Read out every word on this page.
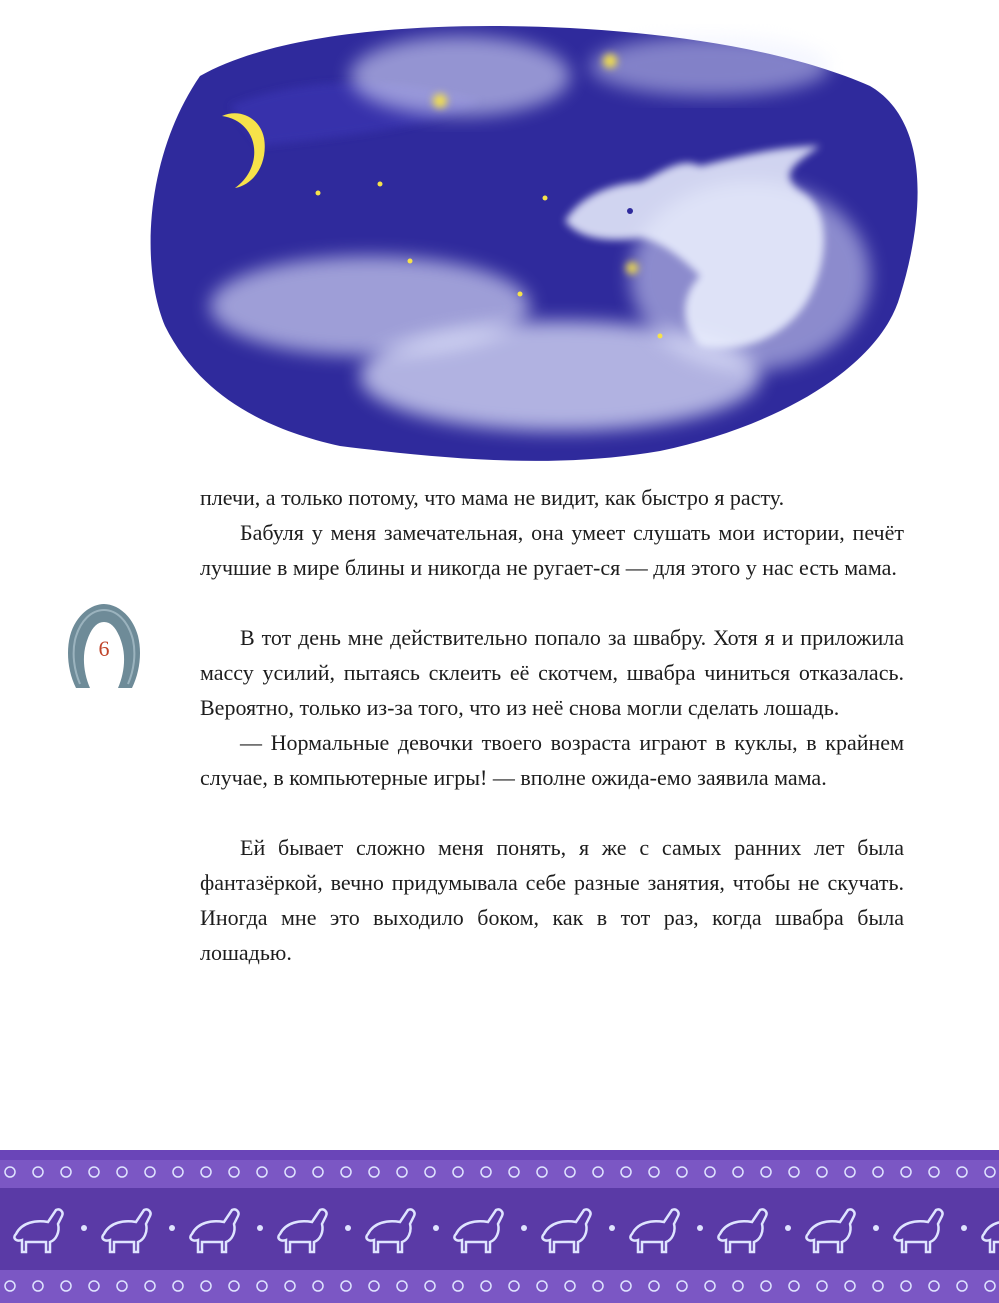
6

плечи, а только потому, что мама не видит, как быстро я расту.

Бабуля у меня замечательная, она умеет слушать мои истории, печёт лучшие в мире блины и никогда не ругает-ся — для этого у нас есть мама.

В тот день мне действительно попало за швабру. Хотя я и приложила массу усилий, пытаясь склеить её скотчем, швабра чиниться отказалась. Вероятно, только из-за того, что из неё снова могли сделать лошадь.

— Нормальные девочки твоего возраста играют в куклы, в крайнем случае, в компьютерные игры! — вполне ожида-емо заявила мама.

Ей бывает сложно меня понять, я же с самых ранних лет была фантазёркой, вечно придумывала себе разные занятия, чтобы не скучать. Иногда мне это выходило боком, как в тот раз, когда швабра была лошадью.
